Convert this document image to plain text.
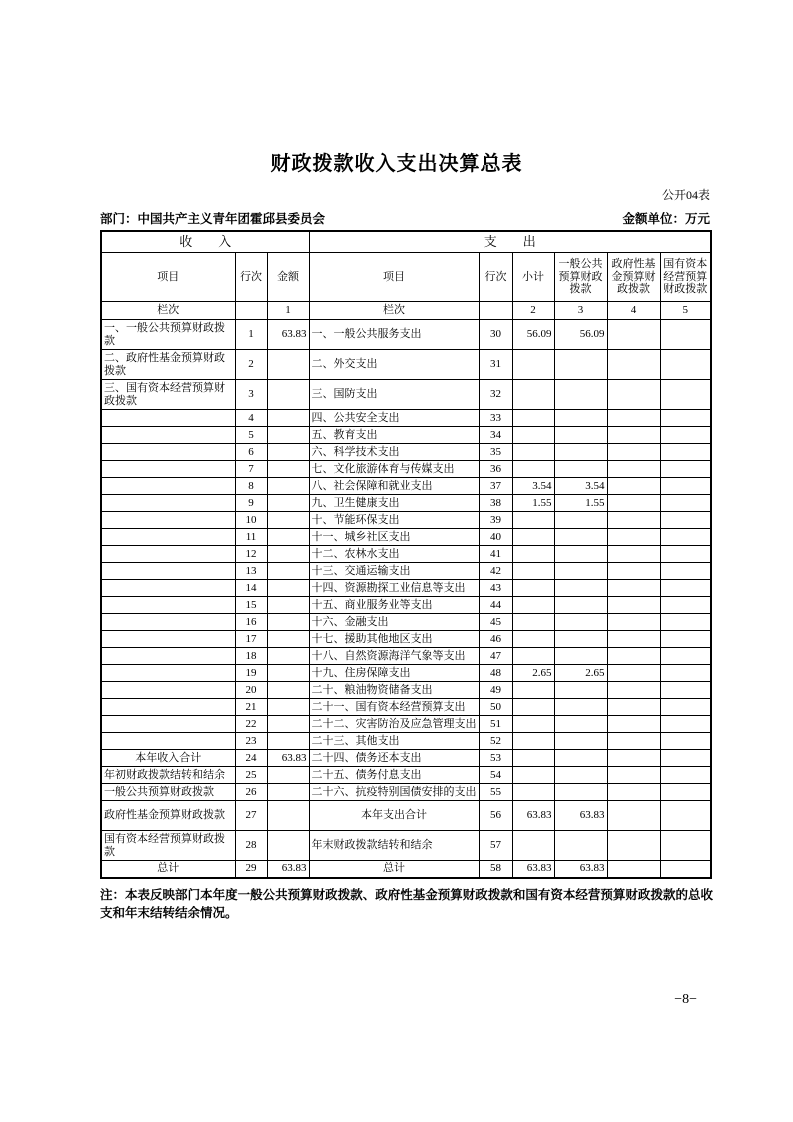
财政拨款收入支出决算总表
公开04表
部门：中国共产主义青年团霍邱县委员会	金额单位：万元
收　　入			支　　出					
项目	行次	金额	项目	行次	小计	一般公共预算财政拨款	政府性基金预算财政拨款	国有资本经营预算财政拨款
栏次		1	栏次		2	3	4	5
一、一般公共预算财政拨款	1	63.83	一、一般公共服务支出	30	56.09	56.09		
二、政府性基金预算财政拨款	2		二、外交支出	31				
三、国有资本经营预算财政拨款	3		三、国防支出	32				
	4		四、公共安全支出	33				
	5		五、教育支出	34				
	6		六、科学技术支出	35				
	7		七、文化旅游体育与传媒支出	36				
	8		八、社会保障和就业支出	37	3.54	3.54		
	9		九、卫生健康支出	38	1.55	1.55		
	10		十、节能环保支出	39				
	11		十一、城乡社区支出	40				
	12		十二、农林水支出	41				
	13		十三、交通运输支出	42				
	14		十四、资源勘探工业信息等支出	43				
	15		十五、商业服务业等支出	44				
	16		十六、金融支出	45				
	17		十七、援助其他地区支出	46				
	18		十八、自然资源海洋气象等支出	47				
	19		十九、住房保障支出	48	2.65	2.65		
	20		二十、粮油物资储备支出	49				
	21		二十一、国有资本经营预算支出	50				
	22		二十二、灾害防治及应急管理支出	51				
	23		二十三、其他支出	52				
本年收入合计	24	63.83	二十四、债务还本支出	53				
年初财政拨款结转和结余	25		二十五、债务付息支出	54				
一般公共预算财政拨款	26		二十六、抗疫特别国债安排的支出	55				
政府性基金预算财政拨款	27		本年支出合计	56	63.83	63.83		
国有资本经营预算财政拨款	28		年末财政拨款结转和结余	57				
总计	29	63.83	总计	58	63.83	63.83		
注：本表反映部门本年度一般公共预算财政拨款、政府性基金预算财政拨款和国有资本经营预算财政拨款的总收支和年末结转结余情况。
−8−
